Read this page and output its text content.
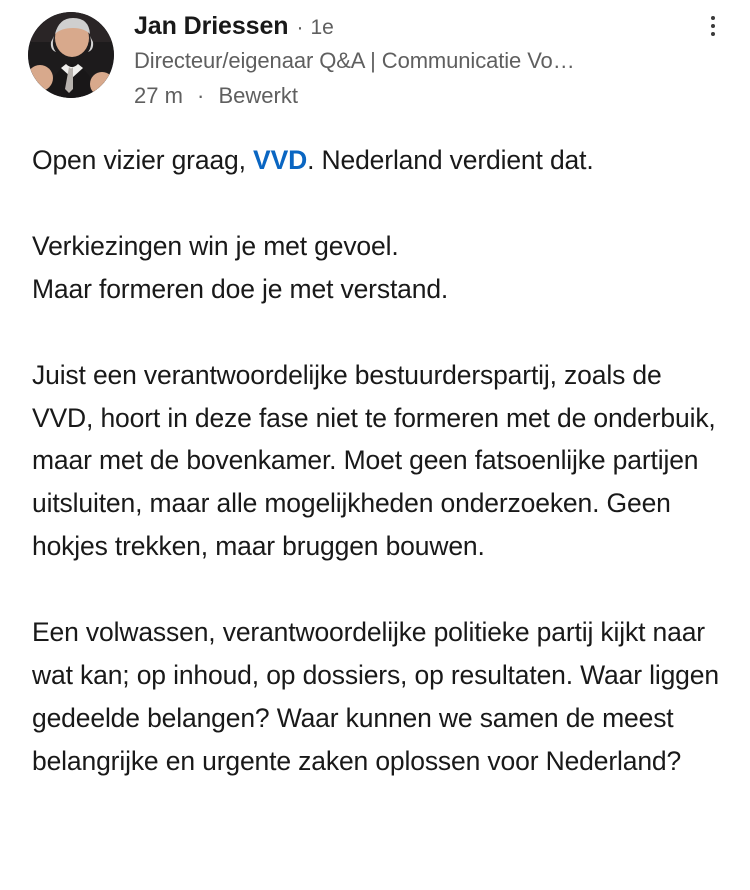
Jan Driessen · 1e
Directeur/eigenaar Q&A | Communicatie Vo…
27 m · Bewerkt

Open vizier graag, VVD. Nederland verdient dat.

Verkiezingen win je met gevoel.
Maar formeren doe je met verstand.

Juist een verantwoordelijke bestuurderspartij, zoals de VVD, hoort in deze fase niet te formeren met de onderbuik, maar met de bovenkamer. Moet geen fatsoenlijke partijen uitsluiten, maar alle mogelijkheden onderzoeken. Geen hokjes trekken, maar bruggen bouwen.

Een volwassen, verantwoordelijke politieke partij kijkt naar wat kan; op inhoud, op dossiers, op resultaten. Waar liggen gedeelde belangen? Waar kunnen we samen de meest belangrijke en urgente zaken oplossen voor Nederland?
